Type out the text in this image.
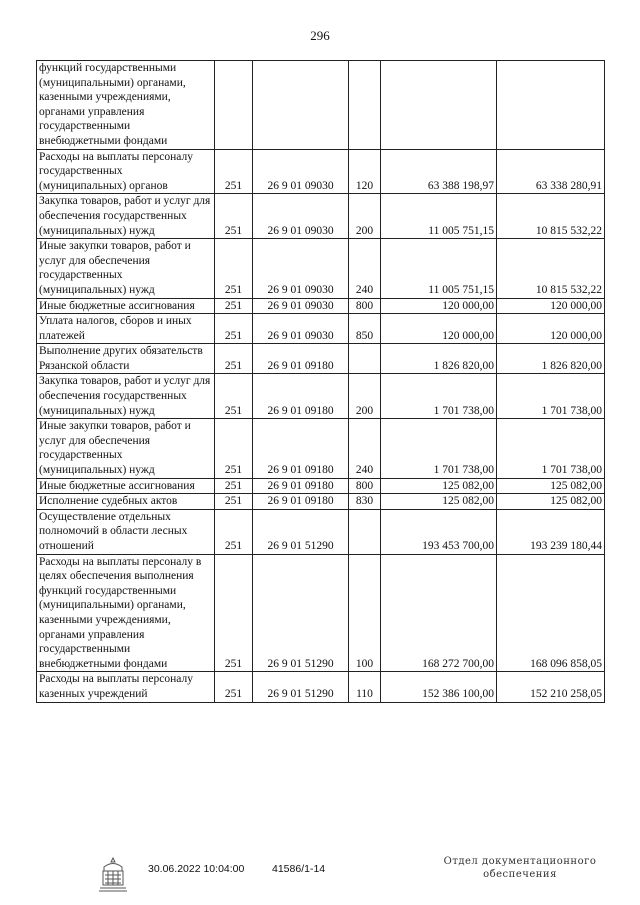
296
функций государственными (муниципальными) органами, казенными учреждениями, органами управления государственными внебюджетными фондами					
Расходы на выплаты персоналу государственных (муниципальных) органов	251	26 9 01 09030	120	63 388 198,97	63 338 280,91
Закупка товаров, работ и услуг для обеспечения государственных (муниципальных) нужд	251	26 9 01 09030	200	11 005 751,15	10 815 532,22
Иные закупки товаров, работ и услуг для обеспечения государственных (муниципальных) нужд	251	26 9 01 09030	240	11 005 751,15	10 815 532,22
Иные бюджетные ассигнования	251	26 9 01 09030	800	120 000,00	120 000,00
Уплата налогов, сборов и иных платежей	251	26 9 01 09030	850	120 000,00	120 000,00
Выполнение других обязательств Рязанской области	251	26 9 01 09180		1 826 820,00	1 826 820,00
Закупка товаров, работ и услуг для обеспечения государственных (муниципальных) нужд	251	26 9 01 09180	200	1 701 738,00	1 701 738,00
Иные закупки товаров, работ и услуг для обеспечения государственных (муниципальных) нужд	251	26 9 01 09180	240	1 701 738,00	1 701 738,00
Иные бюджетные ассигнования	251	26 9 01 09180	800	125 082,00	125 082,00
Исполнение судебных актов	251	26 9 01 09180	830	125 082,00	125 082,00
Осуществление отдельных полномочий в области лесных отношений	251	26 9 01 51290		193 453 700,00	193 239 180,44
Расходы на выплаты персоналу в целях обеспечения выполнения функций государственными (муниципальными) органами, казенными учреждениями, органами управления государственными внебюджетными фондами	251	26 9 01 51290	100	168 272 700,00	168 096 858,05
Расходы на выплаты персоналу казенных учреждений	251	26 9 01 51290	110	152 386 100,00	152 210 258,05
30.06.2022 10:04:00	41586/1-14
Отдел документационного обеспечения
